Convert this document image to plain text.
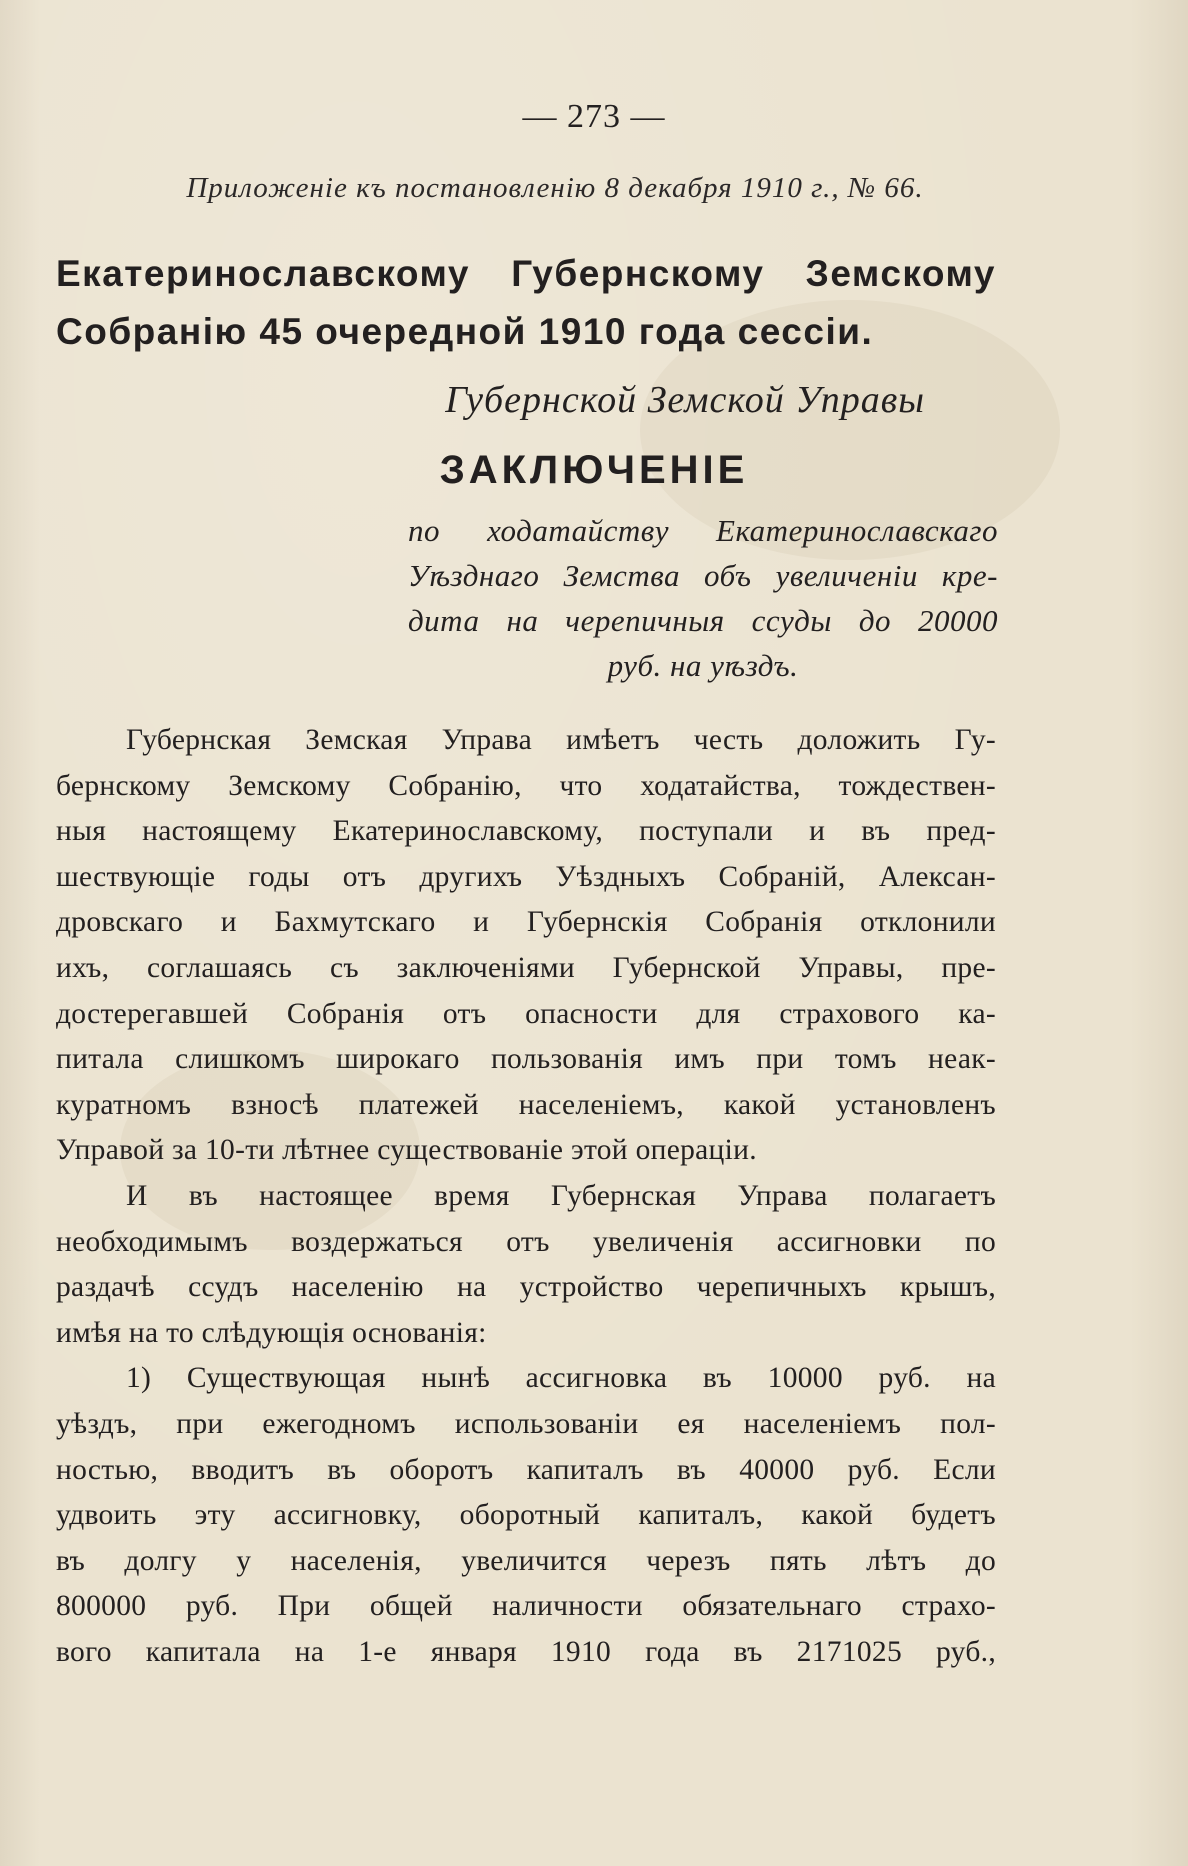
— 273 —
Приложенiе къ постановленiю 8 декабря 1910 г., № 66.
Екатеринославскому Губернскому Земскому Собранiю 45 очередной 1910 года сессiи.
Губернской Земской Управы
ЗАКЛЮЧЕНIЕ
по ходатайству Екатеринославскаго
Уѣзднаго Земства объ увеличенiи кре-
дита на черепичныя ссуды до 20000
руб. на уѣздъ.
Губернская Земская Управа имѣетъ честь доложить Гу-
бернскому Земскому Собранiю, что ходатайства, тождествен-
ныя настоящему Екатеринославскому, поступали и въ пред-
шествующiе годы отъ другихъ Уѣздныхъ Собранiй, Алексан-
дровскаго и Бахмутскаго и Губернскiя Собранiя отклонили
ихъ, соглашаясь съ заключенiями Губернской Управы, пре-
достерегавшей Собранiя отъ опасности для страхового ка-
питала слишкомъ широкаго пользованiя имъ при томъ неак-
куратномъ взносѣ платежей населенiемъ, какой установленъ
Управой за 10-ти лѣтнее существованiе этой операцiи.
И въ настоящее время Губернская Управа полагаетъ
необходимымъ воздержаться отъ увеличенiя ассигновки по
раздачѣ ссудъ населенiю на устройство черепичныхъ крышъ,
имѣя на то слѣдующiя основанiя:
1) Существующая нынѣ ассигновка въ 10000 руб. на
уѣздъ, при ежегодномъ использованiи ея населенiемъ пол-
ностью, вводитъ въ оборотъ капиталъ въ 40000 руб. Если
удвоить эту ассигновку, оборотный капиталъ, какой будетъ
въ долгу у населенiя, увеличится черезъ пять лѣтъ до
800000 руб. При общей наличности обязательнаго страхо-
вого капитала на 1-е января 1910 года въ 2171025 руб.,
